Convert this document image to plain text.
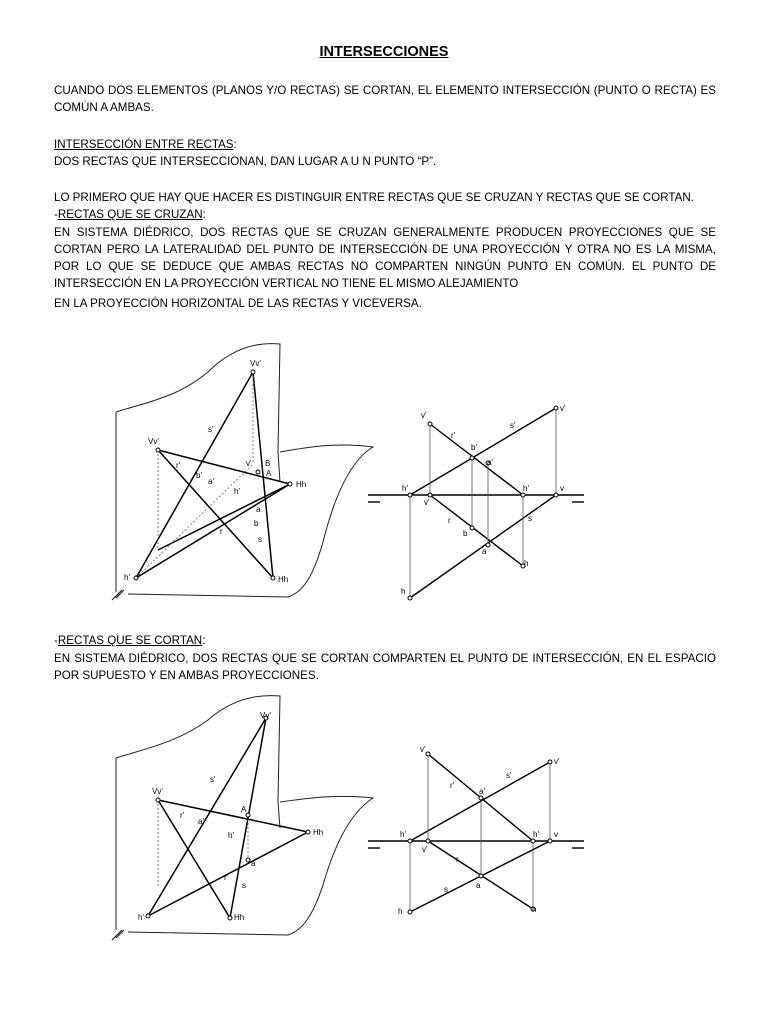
INTERSECCIONES
CUANDO DOS ELEMENTOS (PLANOS Y/O RECTAS) SE CORTAN, EL ELEMENTO INTERSECCIÓN (PUNTO O RECTA) ES COMÚN A AMBAS.
INTERSECCIÓN ENTRE RECTAS:
DOS RECTAS QUE INTERSECCIONAN, DAN LUGAR A U N PUNTO “P”.
LO PRIMERO QUE HAY QUE HACER ES DISTINGUIR ENTRE RECTAS QUE SE CRUZAN Y RECTAS QUE SE CORTAN.
-RECTAS QUE SE CRUZAN:
EN SISTEMA DIÉDRICO, DOS RECTAS QUE SE CRUZAN GENERALMENTE PRODUCEN PROYECCIONES QUE SE CORTAN PERO LA LATERALIDAD DEL PUNTO DE INTERSECCIÓN DE UNA PROYECCIÓN Y OTRA NO ES LA MISMA, POR LO QUE SE DEDUCE QUE AMBAS RECTAS NO COMPARTEN NINGÚN PUNTO EN COMÚN. EL PUNTO DE INTERSECCIÓN EN LA PROYECCIÓN VERTICAL NO TIENE EL MISMO ALEJAMIENTO
EN LA PROYECCIÓN HORIZONTAL DE LAS RECTAS Y VICEVERSA.
-RECTAS QUE SE CORTAN:
EN SISTEMA DIÉDRICO, DOS RECTAS QUE SE CORTAN COMPARTEN EL PUNTO DE INTERSECCIÓN, EN EL ESPACIO POR SUPUESTO Y EN AMBAS PROYECCIONES.
Vv'
Vv'
s'
r'	v' B
A
b'
a'
h'
Hh
a
b
r
s
h'	Hh
v'
v'
r'
s'
b'
a'
h'
v'
h'	v
r	s
b
a
h
h
Vv'
Vv'
s'
r'
A
a'
h'	Hh
a
r'
s
h'	Hh
v'
v'
r'
s'
a'
h'
v'
h' v
r
s	a
h	h
